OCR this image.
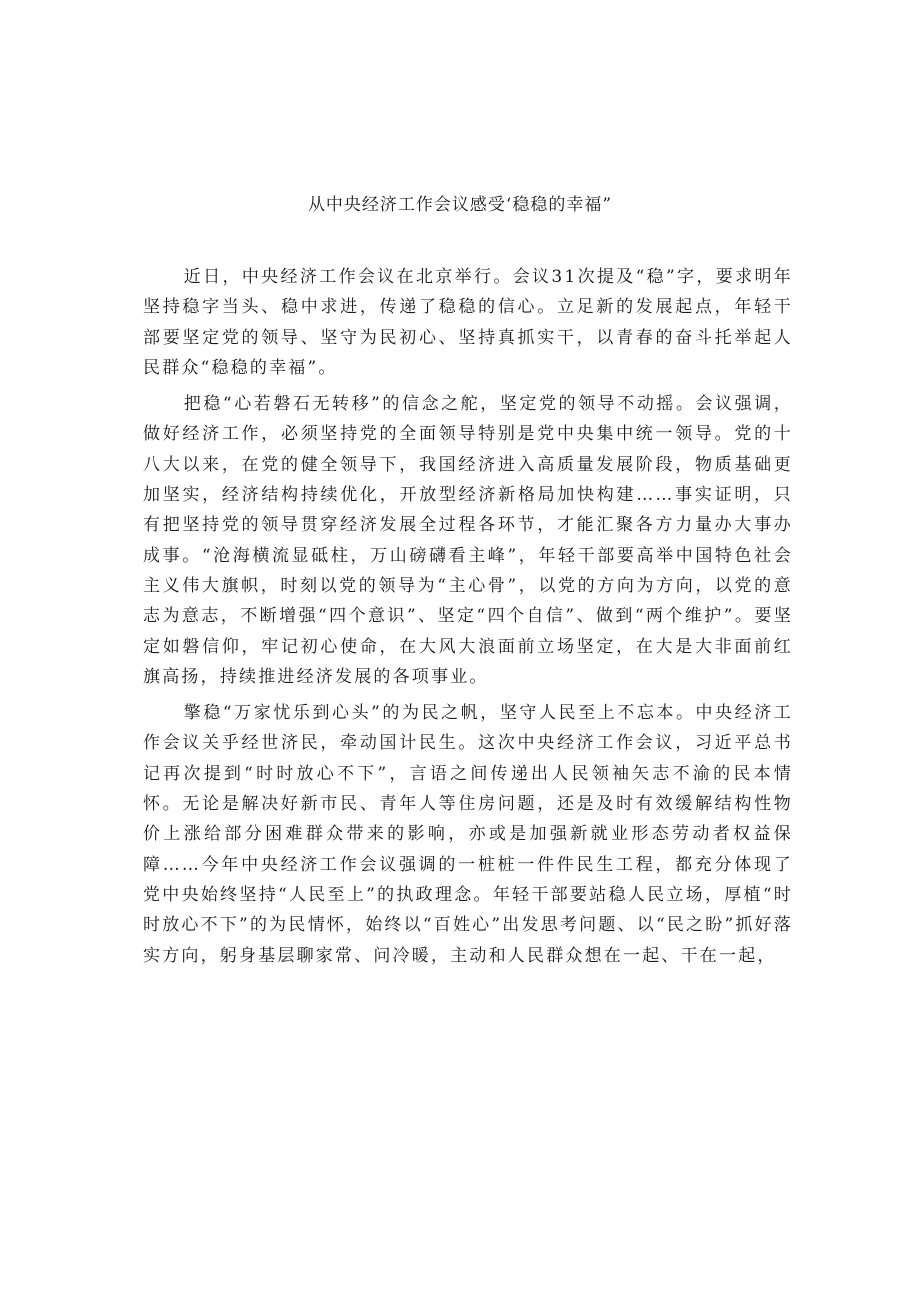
从中央经济工作会议感受‘稳稳的幸福”

近日，中央经济工作会议在北京举行。会议31次提及“稳”字，要求明年坚持稳字当头、稳中求进，传递了稳稳的信心。立足新的发展起点，年轻干部要坚定党的领导、坚守为民初心、坚持真抓实干，以青春的奋斗托举起人民群众“稳稳的幸福”。

把稳“心若磐石无转移”的信念之舵，坚定党的领导不动摇。会议强调，做好经济工作，必须坚持党的全面领导特别是党中央集中统一领导。党的十八大以来，在党的健全领导下，我国经济进入高质量发展阶段，物质基础更加坚实，经济结构持续优化，开放型经济新格局加快构建……事实证明，只有把坚持党的领导贯穿经济发展全过程各环节，才能汇聚各方力量办大事办成事。“沧海横流显砥柱，万山磅礴看主峰”，年轻干部要高举中国特色社会主义伟大旗帜，时刻以党的领导为“主心骨”，以党的方向为方向，以党的意志为意志，不断增强“四个意识”、坚定“四个自信”、做到“两个维护”。要坚定如磐信仰，牢记初心使命，在大风大浪面前立场坚定，在大是大非面前红旗高扬，持续推进经济发展的各项事业。

擎稳“万家忧乐到心头”的为民之帆，坚守人民至上不忘本。中央经济工作会议关乎经世济民，牵动国计民生。这次中央经济工作会议，习近平总书记再次提到“时时放心不下”，言语之间传递出人民领袖矢志不渝的民本情怀。无论是解决好新市民、青年人等住房问题，还是及时有效缓解结构性物价上涨给部分困难群众带来的影响，亦或是加强新就业形态劳动者权益保障……今年中央经济工作会议强调的一桩桩一件件民生工程，都充分体现了党中央始终坚持“人民至上”的执政理念。年轻干部要站稳人民立场，厚植“时时放心不下”的为民情怀，始终以“百姓心”出发思考问题、以“民之盼”抓好落实方向，躬身基层聊家常、问冷暖，主动和人民群众想在一起、干在一起，
